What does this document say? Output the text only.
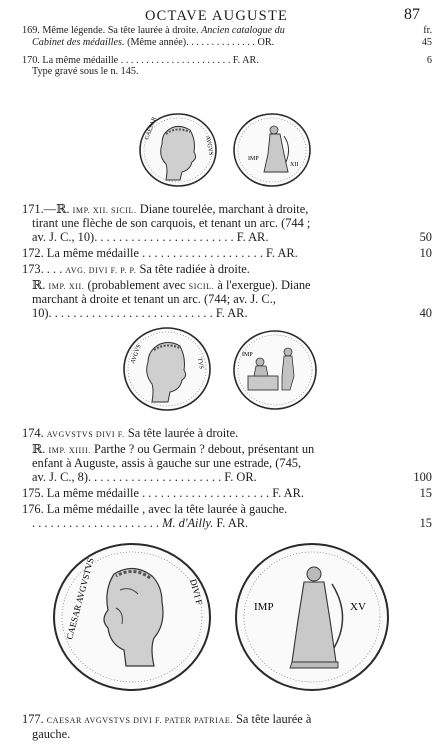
OCTAVE AUGUSTE	87
169. Même légende. Sa tête laurée à droite. Ancien catalogue du	fr.
Cabinet des médailles. (Même année). . . . . . . . . . . . . . OR.	45
170. La même médaille . . . . . . . . . . . . . . . . . . . . . . F. AR.	6
Type gravé sous le n. 145.
CAESAR
AVGVS
IMP
XII
171.—ℝ. IMP. XII. SICIL. Diane tourelée, marchant à droite,
tirant une flèche de son carquois, et tenant un arc. (744 ;
av. J. C., 10). . . . . . . . . . . . . . . . . . . . . . . F. AR.	50
172. La même médaille . . . . . . . . . . . . . . . . . . . . F. AR.	10
173. . . . AVG. DIVI F. P. P. Sa tête radiée à droite.
ℝ. IMP. XII. (probablement avec SICIL. à l'exergue). Diane
marchant à droite et tenant un arc. (744; av. J. C.,
10). . . . . . . . . . . . . . . . . . . . . . . . . . . F. AR.	40
AVGVS	TVS
IMP
174. AVGVSTVS DIVI F. Sa tête laurée à droite.
ℝ. IMP. XIIII. Parthe ? ou Germain ? debout, présentant un
enfant à Auguste, assis à gauche sur une estrade, (745,
av. J. C., 8). . . . . . . . . . . . . . . . . . . . . . F. OR.	100
175. La même médaille . . . . . . . . . . . . . . . . . . . . . F. AR.	15
176. La même médaille , avec la tête laurée à gauche.
. . . . . . . . . . . . . . . . . . . . . M. d'Ailly. F. AR.	15
CAESAR AVGVSTVS	DIVI F
IMP	XV
177. CAESAR AVGVSTVS DIVI F. PATER PATRIAE. Sa tête laurée à
gauche.
